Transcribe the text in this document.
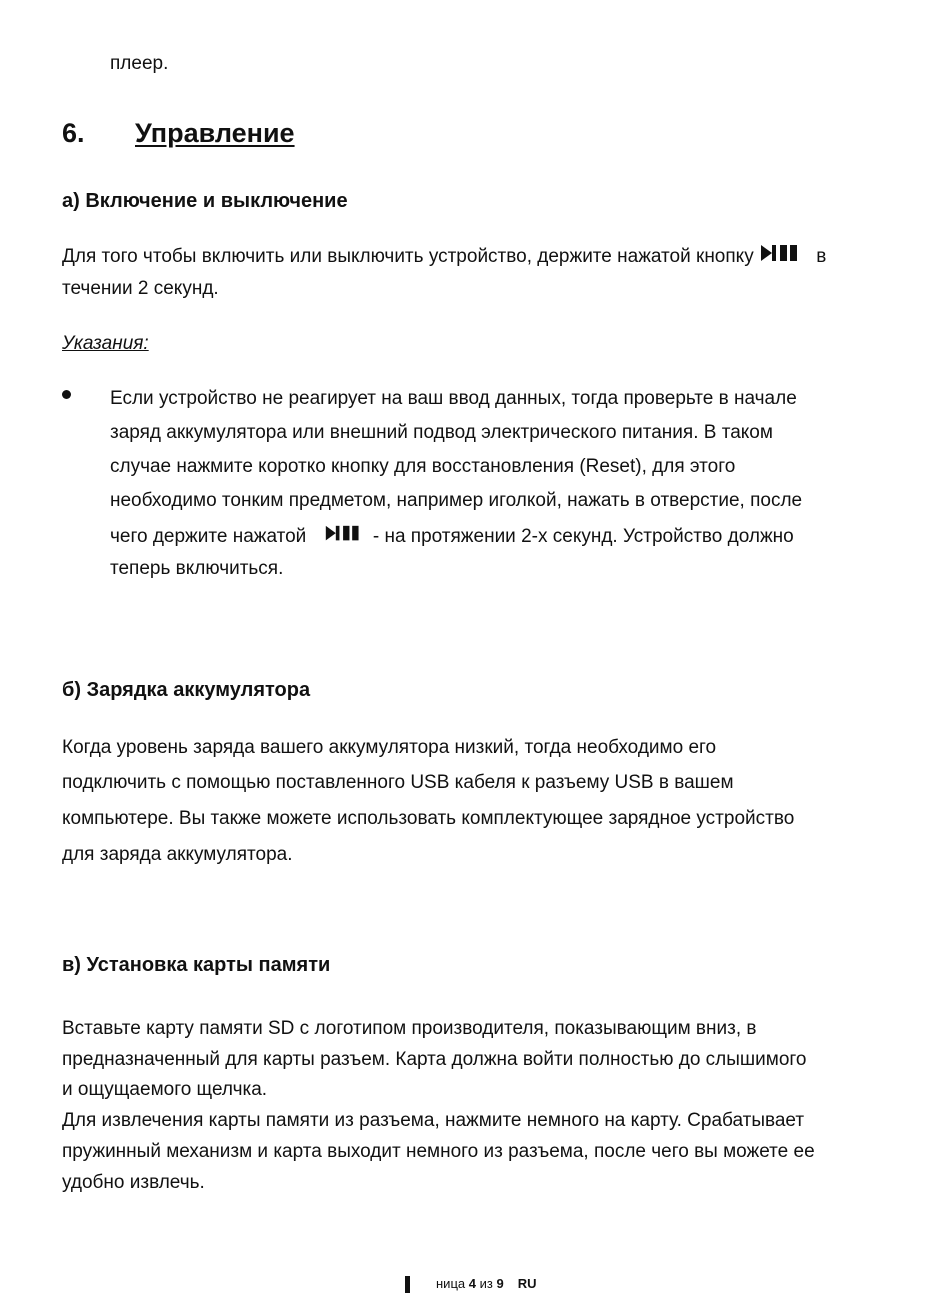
плеер.
6. Управление
а) Включение и выключение
Для того чтобы включить или выключить устройство, держите нажатой кнопку	в
течении 2 секунд.
Указания:
Если устройство не реагирует на ваш ввод данных, тогда проверьте в начале
заряд аккумулятора или внешний подвод электрического питания. В таком
случае нажмите коротко кнопку для восстановления (Reset), для этого
необходимо тонким предметом, например иголкой, нажать в отверстие, после
чего держите нажатой	- на протяжении 2-х секунд. Устройство должно
теперь включиться.
б) Зарядка аккумулятора
Когда уровень заряда вашего аккумулятора низкий, тогда необходимо его
подключить с помощью поставленного USB кабеля к разъему USB в вашем
компьютере. Вы также можете использовать комплектующее зарядное устройство
для заряда аккумулятора.
в) Установка карты памяти
Вставьте карту памяти SD с логотипом производителя, показывающим вниз, в
предназначенный для карты разъем. Карта должна войти полностью до слышимого
и ощущаемого щелчка.
Для извлечения карты памяти из разъема, нажмите немного на карту. Срабатывает
пружинный механизм и карта выходит немного из разъема, после чего вы можете ее
удобно извлечь.
ница 4 из 9 RU
